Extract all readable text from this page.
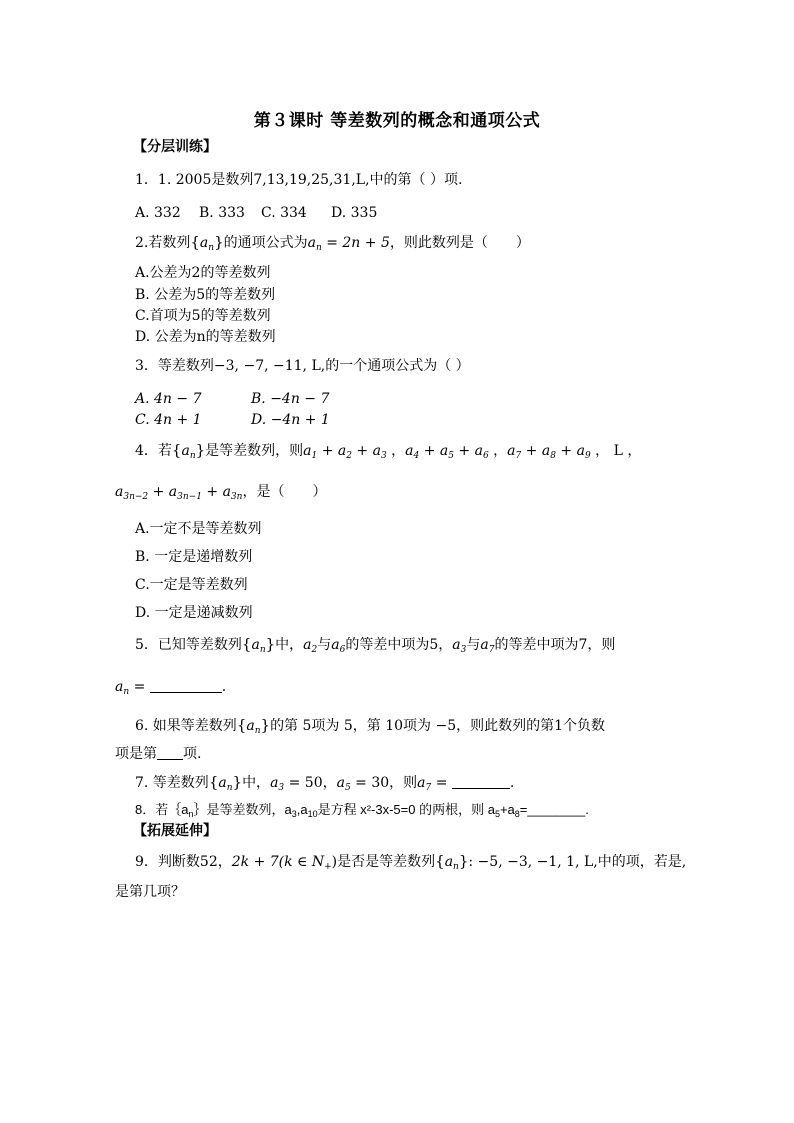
第３课时 等差数列的概念和通项公式
【分层训练】
1．1. 2005是数列7,13,19,25,31,L,中的第（ ）项.
A. 332 B. 333 C. 334 D. 335
2.若数列$\{a_n\}$的通项公式为$a_n = 2n + 5$，则此数列是（　　）
A.公差为2的等差数列
B. 公差为5的等差数列
C.首项为5的等差数列
D. 公差为n的等差数列
3．等差数列−3, −7, −11, L,的一个通项公式为（ ）
A. 4n − 7	B. −4n − 7
C. 4n + 1	D. −4n + 1
4．若$\{a_n\}$是等差数列，则$a_1 + a_2 + a_3$ ，$a_4 + a_5 + a_6$ ，$a_7 + a_8 + a_9$ ， L ，
$a_{3n-2} + a_{3n-1} + a_{3n}$，是（　　）
A.一定不是等差数列
B. 一定是递增数列
C.一定是等差数列
D. 一定是递减数列
5．已知等差数列$\{a_n\}$中，$a_2$与$a_6$的等差中项为5，$a_3$与$a_7$的等差中项为7，则
$a_n$ =	.
6. 如果等差数列$\{a_n\}$的第 5项为 5，第 10项为 −5，则此数列的第1个负数
项是第 项.
7. 等差数列$\{a_n\}$中，$a_3 = 50$，$a_5 = 30$，则$a_7$ =	.
8．若$\{a_n\}$是等差数列，$a_3,a_{10}$是方程 x²-3x-5=0 的两根，则 $a_5+a_8=\_\_\_\_\_\_\_\_$.
【拓展延伸】
9．判断数52，2k + 7(k ∈ $N_+$)是否是等差数列$\{a_n\}$: −5, −3, −1, 1, L,中的项，若是,
是第几项？
